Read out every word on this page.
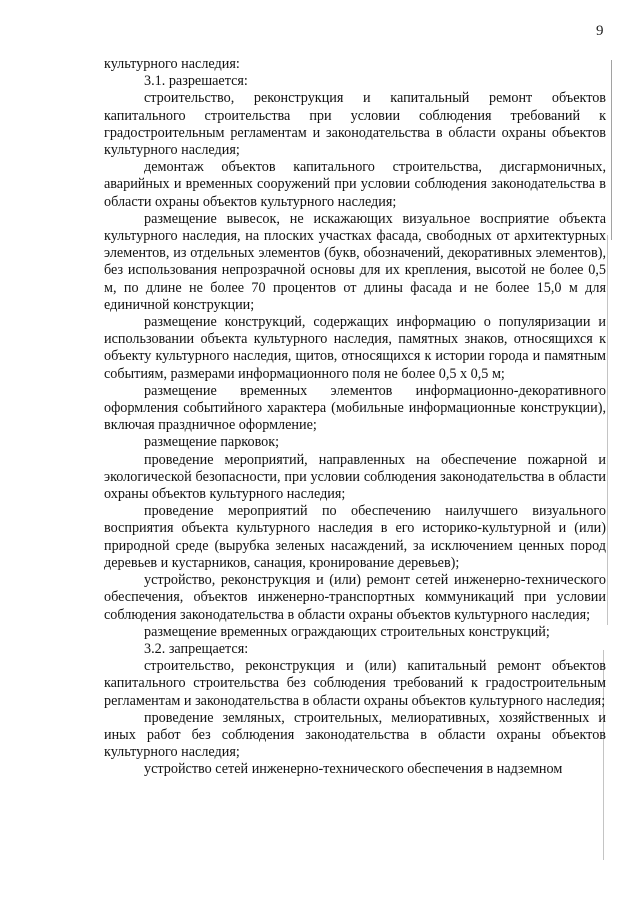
9

культурного наследия:

3.1. разрешается:

строительство, реконструкция и капитальный ремонт объектов капитального строительства при условии соблюдения требований к градостроительным регламентам и законодательства в области охраны объектов культурного наследия;

демонтаж объектов капитального строительства, дисгармоничных, аварийных и временных сооружений при условии соблюдения законодательства в области охраны объектов культурного наследия;

размещение вывесок, не искажающих визуальное восприятие объекта культурного наследия, на плоских участках фасада, свободных от архитектурных элементов, из отдельных элементов (букв, обозначений, декоративных элементов), без использования непрозрачной основы для их крепления, высотой не более 0,5 м, по длине не более 70 процентов от длины фасада и не более 15,0 м для единичной конструкции;

размещение конструкций, содержащих информацию о популяризации и использовании объекта культурного наследия, памятных знаков, относящихся к объекту культурного наследия, щитов, относящихся к истории города и памятным событиям, размерами информационного поля не более 0,5 х 0,5 м;

размещение временных элементов информационно-декоративного оформления событийного характера (мобильные информационные конструкции), включая праздничное оформление;

размещение парковок;

проведение мероприятий, направленных на обеспечение пожарной и экологической безопасности, при условии соблюдения законодательства в области охраны объектов культурного наследия;

проведение мероприятий по обеспечению наилучшего визуального восприятия объекта культурного наследия в его историко-культурной и (или) природной среде (вырубка зеленых насаждений, за исключением ценных пород деревьев и кустарников, санация, кронирование деревьев);

устройство, реконструкция и (или) ремонт сетей инженерно-технического обеспечения, объектов инженерно-транспортных коммуникаций при условии соблюдения законодательства в области охраны объектов культурного наследия;

размещение временных ограждающих строительных конструкций;

3.2. запрещается:

строительство, реконструкция и (или) капитальный ремонт объектов капитального строительства без соблюдения требований к градостроительным регламентам и законодательства в области охраны объектов культурного наследия;

проведение земляных, строительных, мелиоративных, хозяйственных и иных работ без соблюдения законодательства в области охраны объектов культурного наследия;

устройство сетей инженерно-технического обеспечения в надземном
